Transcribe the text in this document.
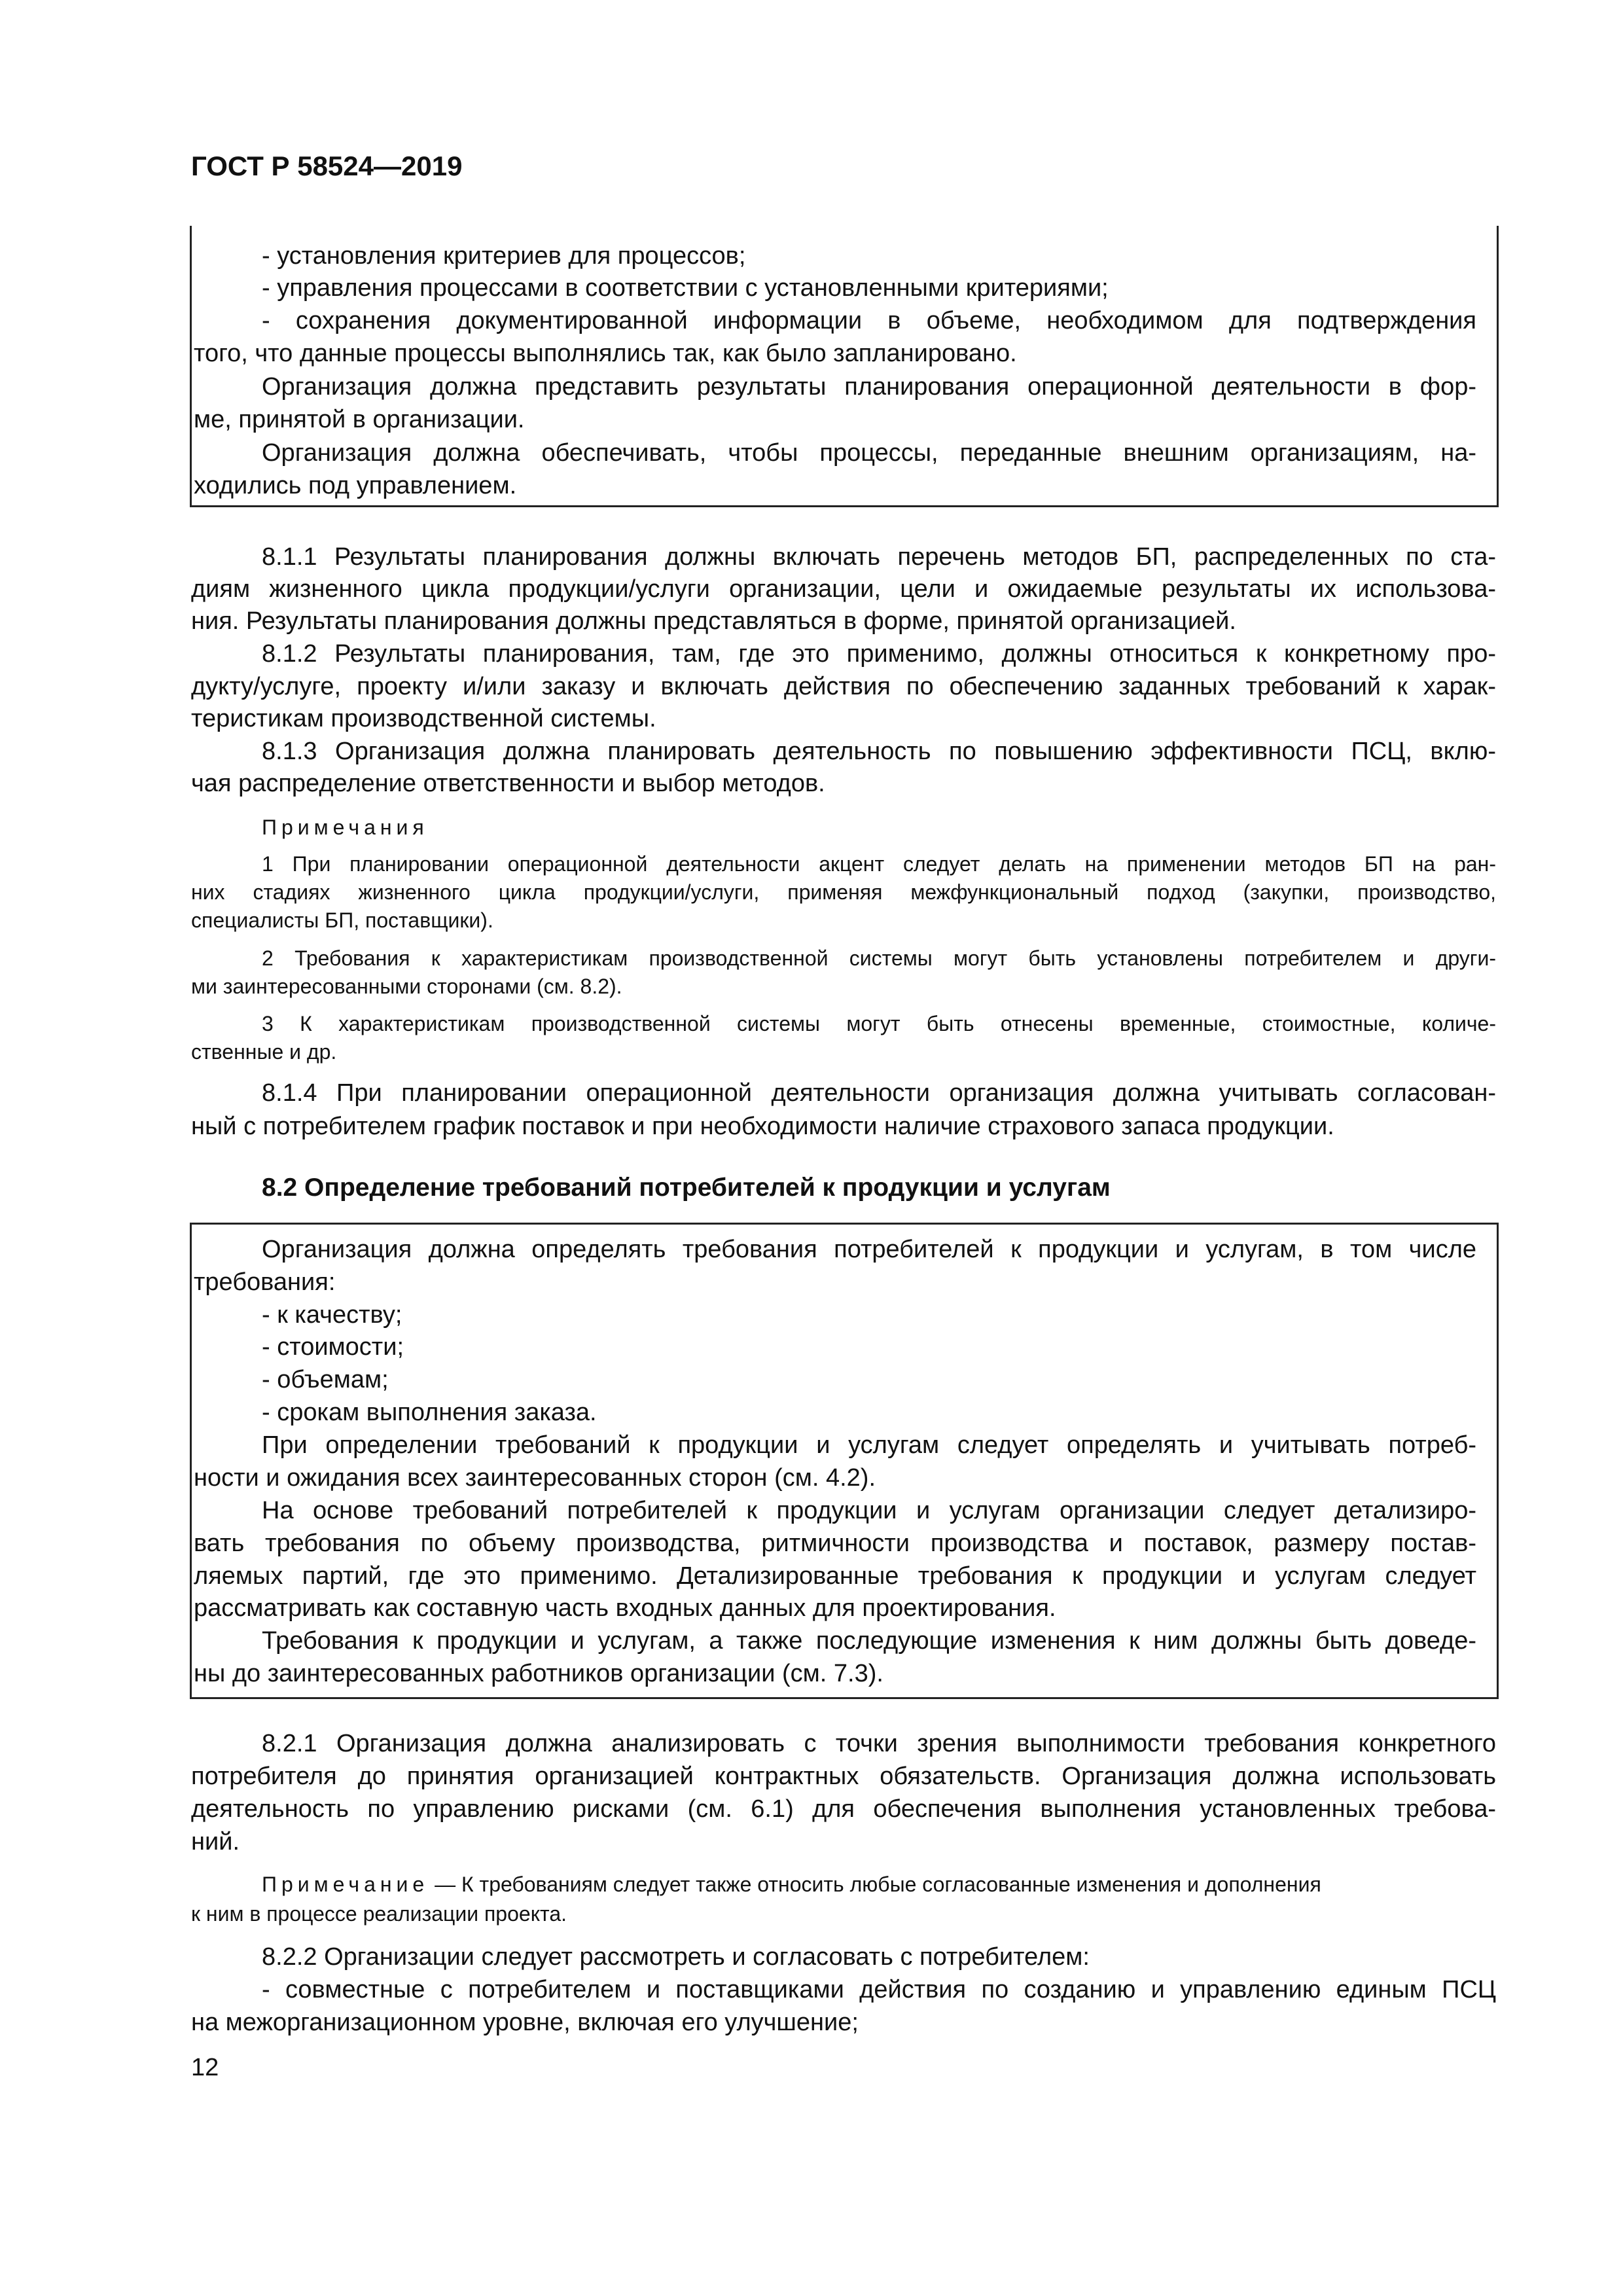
ГОСТ Р 58524—2019
- установления критериев для процессов;
- управления процессами в соответствии с установленными критериями;
- сохранения документированной информации в объеме, необходимом для подтверждения
того, что данные процессы выполнялись так, как было запланировано.
Организация должна представить результаты планирования операционной деятельности в фор-
ме, принятой в организации.
Организация должна обеспечивать, чтобы процессы, переданные внешним организациям, на-
ходились под управлением.
8.1.1 Результаты планирования должны включать перечень методов БП, распределенных по ста-
диям жизненного цикла продукции/услуги организации, цели и ожидаемые результаты их использова-
ния. Результаты планирования должны представляться в форме, принятой организацией.
8.1.2 Результаты планирования, там, где это применимо, должны относиться к конкретному про-
дукту/услуге, проекту и/или заказу и включать действия по обеспечению заданных требований к харак-
теристикам производственной системы.
8.1.3 Организация должна планировать деятельность по повышению эффективности ПСЦ, вклю-
чая распределение ответственности и выбор методов.
Примечания
1 При планировании операционной деятельности акцент следует делать на применении методов БП на ран-
них стадиях жизненного цикла продукции/услуги, применяя межфункциональный подход (закупки, производство,
специалисты БП, поставщики).
2 Требования к характеристикам производственной системы могут быть установлены потребителем и други-
ми заинтересованными сторонами (см. 8.2).
3 К характеристикам производственной системы могут быть отнесены временные, стоимостные, количе-
ственные и др.
8.1.4 При планировании операционной деятельности организация должна учитывать согласован-
ный с потребителем график поставок и при необходимости наличие страхового запаса продукции.
8.2 Определение требований потребителей к продукции и услугам
Организация должна определять требования потребителей к продукции и услугам, в том числе
требования:
- к качеству;
- стоимости;
- объемам;
- срокам выполнения заказа.
При определении требований к продукции и услугам следует определять и учитывать потреб-
ности и ожидания всех заинтересованных сторон (см. 4.2).
На основе требований потребителей к продукции и услугам организации следует детализиро-
вать требования по объему производства, ритмичности производства и поставок, размеру постав-
ляемых партий, где это применимо. Детализированные требования к продукции и услугам следует
рассматривать как составную часть входных данных для проектирования.
Требования к продукции и услугам, а также последующие изменения к ним должны быть доведе-
ны до заинтересованных работников организации (см. 7.3).
8.2.1 Организация должна анализировать с точки зрения выполнимости требования конкретного
потребителя до принятия организацией контрактных обязательств. Организация должна использовать
деятельность по управлению рисками (см. 6.1) для обеспечения выполнения установленных требова-
ний.
Примечание — К требованиям следует также относить любые согласованные изменения и дополнения
к ним в процессе реализации проекта.
8.2.2 Организации следует рассмотреть и согласовать с потребителем:
- совместные с потребителем и поставщиками действия по созданию и управлению единым ПСЦ
на межорганизационном уровне, включая его улучшение;
12
